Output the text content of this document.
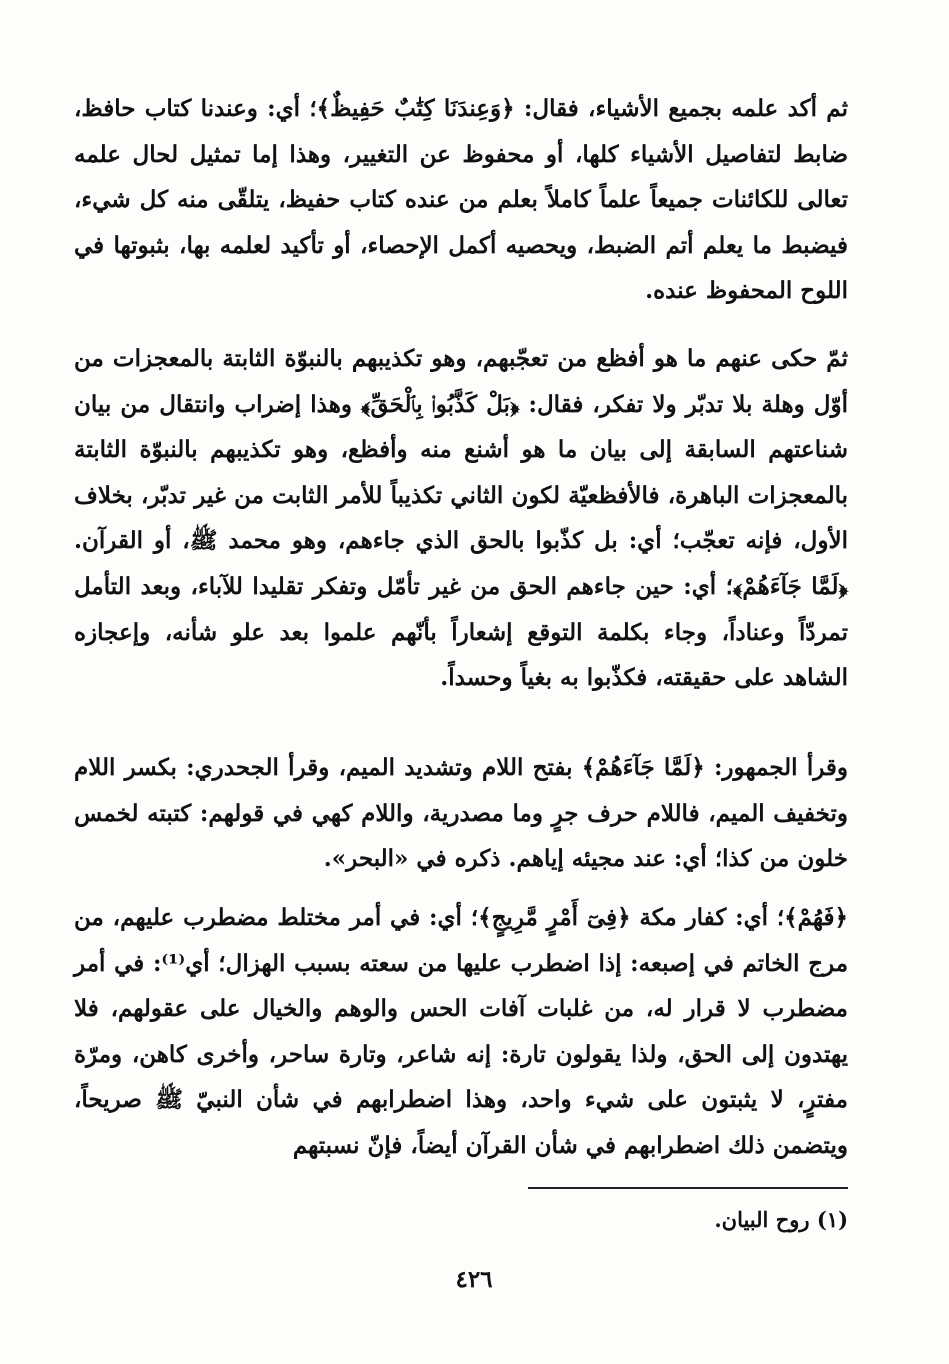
ثم أكد علمه بجميع الأشياء، فقال: ﴿وَعِندَنَا كِتَٰبٌ حَفِيظٌ﴾؛ أي: وعندنا كتاب حافظ، ضابط لتفاصيل الأشياء كلها، أو محفوظ عن التغيير، وهذا إما تمثيل لحال علمه تعالى للكائنات جميعاً علماً كاملاً بعلم من عنده كتاب حفيظ، يتلقّى منه كل شيء، فيضبط ما يعلم أتم الضبط، ويحصيه أكمل الإحصاء، أو تأكيد لعلمه بها، بثبوتها في اللوح المحفوظ عنده.
ثمّ حكى عنهم ما هو أفظع من تعجّبهم، وهو تكذيبهم بالنبوّة الثابتة بالمعجزات من أوّل وهلة بلا تدبّر ولا تفكر، فقال: ﴿بَلْ كَذَّبُوا۟ بِٱلْحَقِّ﴾ وهذا إضراب وانتقال من بيان شناعتهم السابقة إلى بيان ما هو أشنع منه وأفظع، وهو تكذيبهم بالنبوّة الثابتة بالمعجزات الباهرة، فالأفظعيّة لكون الثاني تكذيباً للأمر الثابت من غير تدبّر، بخلاف الأول، فإنه تعجّب؛ أي: بل كذّبوا بالحق الذي جاءهم، وهو محمد ﷺ، أو القرآن. ﴿لَمَّا جَآءَهُمْ﴾؛ أي: حين جاءهم الحق من غير تأمّل وتفكر تقليدا للآباء، وبعد التأمل تمردّاً وعناداً، وجاء بكلمة التوقع إشعاراً بأنّهم علموا بعد علو شأنه، وإعجازه الشاهد على حقيقته، فكذّبوا به بغياً وحسداً.
وقرأ الجمهور: ﴿لَمَّا جَآءَهُمْ﴾ بفتح اللام وتشديد الميم، وقرأ الجحدري: بكسر اللام وتخفيف الميم، فاللام حرف جرٍ وما مصدرية، واللام كهي في قولهم: كتبته لخمس خلون من كذا؛ أي: عند مجيئه إياهم. ذكره في «البحر».
﴿فَهُمْ﴾؛ أي: كفار مكة ﴿فِىٓ أَمْرٍ مَّرِيجٍ﴾؛ أي: في أمر مختلط مضطرب عليهم، من مرج الخاتم في إصبعه: إذا اضطرب عليها من سعته بسبب الهزال؛ أي⁽¹⁾: في أمر مضطرب لا قرار له، من غلبات آفات الحس والوهم والخيال على عقولهم، فلا يهتدون إلى الحق، ولذا يقولون تارة: إنه شاعر، وتارة ساحر، وأخرى كاهن، ومرّة مفترٍ، لا يثبتون على شيء واحد، وهذا اضطرابهم في شأن النبيّ ﷺ صريحاً، ويتضمن ذلك اضطرابهم في شأن القرآن أيضاً، فإنّ نسبتهم
(١) روح البيان.
٤٢٦
